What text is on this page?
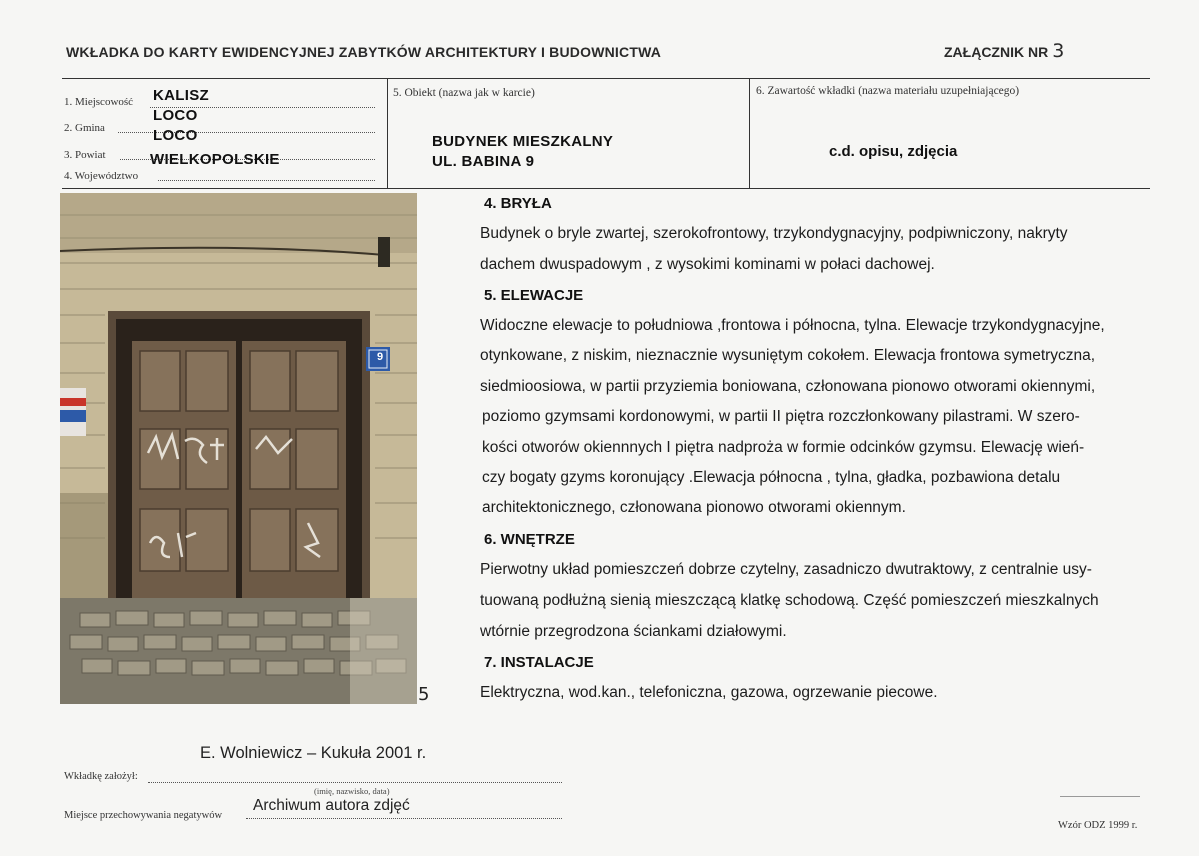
WKŁADKA DO KARTY EWIDENCYJNEJ ZABYTKÓW ARCHITEKTURY I BUDOWNICTWA	ZAŁĄCZNIK NR 3
1. Miejscowość KALISZ
2. Gmina
LOCO
3. Powiat
LOCO
4. Województwo
WIELKOPOLSKIE
5. Obiekt (nazwa jak w karcie)
BUDYNEK MIESZKALNY
UL. BABINA 9
6. Zawartość wkładki (nazwa materiału uzupełniającego)
c.d. opisu, zdjęcia
9
5
4. BRYŁA
Budynek o bryle zwartej, szerokofrontowy, trzykondygnacyjny, podpiwniczony, nakryty
dachem dwuspadowym , z wysokimi kominami w połaci dachowej.
5. ELEWACJE
Widoczne elewacje to południowa ,frontowa i północna, tylna. Elewacje trzykondygnacyjne,
otynkowane, z niskim, nieznacznie wysuniętym cokołem. Elewacja frontowa symetryczna,
siedmioosiowa, w partii przyziemia boniowana, członowana pionowo otworami okiennymi,
poziomo gzymsami kordonowymi, w partii II piętra rozczłonkowany pilastrami. W szero-
kości otworów okiennnych I piętra nadproża w formie odcinków gzymsu. Elewację wień-
czy bogaty gzyms koronujący .Elewacja północna , tylna, gładka, pozbawiona detalu
architektonicznego, członowana pionowo otworami okiennym.
6. WNĘTRZE
Pierwotny układ pomieszczeń dobrze czytelny, zasadniczo dwutraktowy, z centralnie usy-
tuowaną podłużną sienią mieszczącą klatkę schodową. Część pomieszczeń mieszkalnych
wtórnie przegrodzona ściankami działowymi.
7. INSTALACJE
Elektryczna, wod.kan., telefoniczna, gazowa, ogrzewanie piecowe.
E. Wolniewicz – Kukuła 2001 r.
Wkładkę założył:
(imię, nazwisko, data)
Miejsce przechowywania negatywów
Archiwum autora zdjęć
Wzór ODZ 1999 r.
